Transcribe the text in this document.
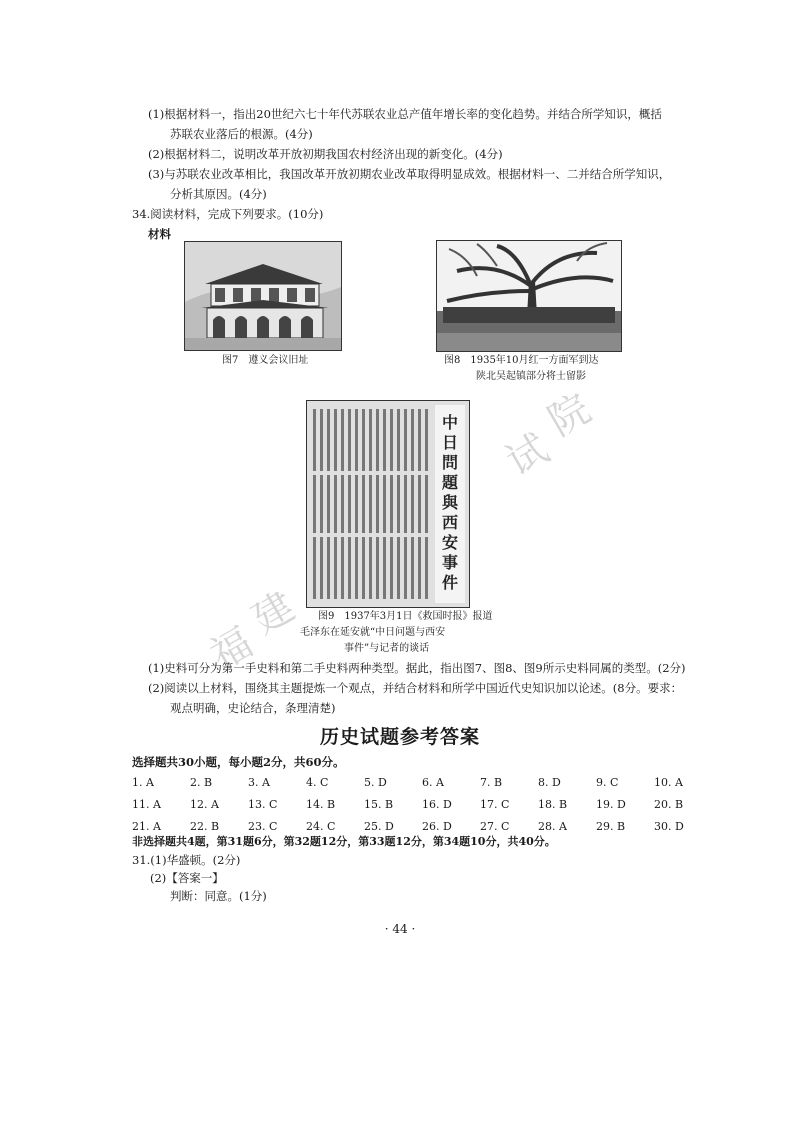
(1)根据材料一，指出20世纪六七十年代苏联农业总产值年增长率的变化趋势。并结合所学知识，概括
苏联农业落后的根源。(4分)
(2)根据材料二，说明改革开放初期我国农村经济出现的新变化。(4分)
(3)与苏联农业改革相比，我国改革开放初期农业改革取得明显成效。根据材料一、二并结合所学知识，
分析其原因。(4分)
34.阅读材料，完成下列要求。(10分)
材料
图7　遵义会议旧址	图8　1935年10月红一方面军到达
陕北吴起镇部分将士留影
中
日
問
題
與
西
安
事
件
图9　1937年3月1日《救国时报》报道
毛泽东在延安就“中日问题与西安
事件”与记者的谈话
福
建
试
院
(1)史料可分为第一手史料和第二手史料两种类型。据此，指出图7、图8、图9所示史料同属的类型。(2分)
(2)阅读以上材料，围绕其主题提炼一个观点，并结合材料和所学中国近代史知识加以论述。(8分。要求：
观点明确，史论结合，条理清楚)
历史试题参考答案
选择题共30小题，每小题2分，共60分。
1. A	2. B	3. A	4. C	5. D	6. A	7. B	8. D	9. C	10. A
11. A	12. A	13. C	14. B	15. B	16. D	17. C	18. B	19. D	20. B
21. A	22. B	23. C	24. C	25. D	26. D	27. C	28. A	29. B	30. D
非选择题共4题，第31题6分，第32题12分，第33题12分，第34题10分，共40分。
31.(1)华盛顿。(2分)
(2)【答案一】
判断：同意。(1分)
· 44 ·
